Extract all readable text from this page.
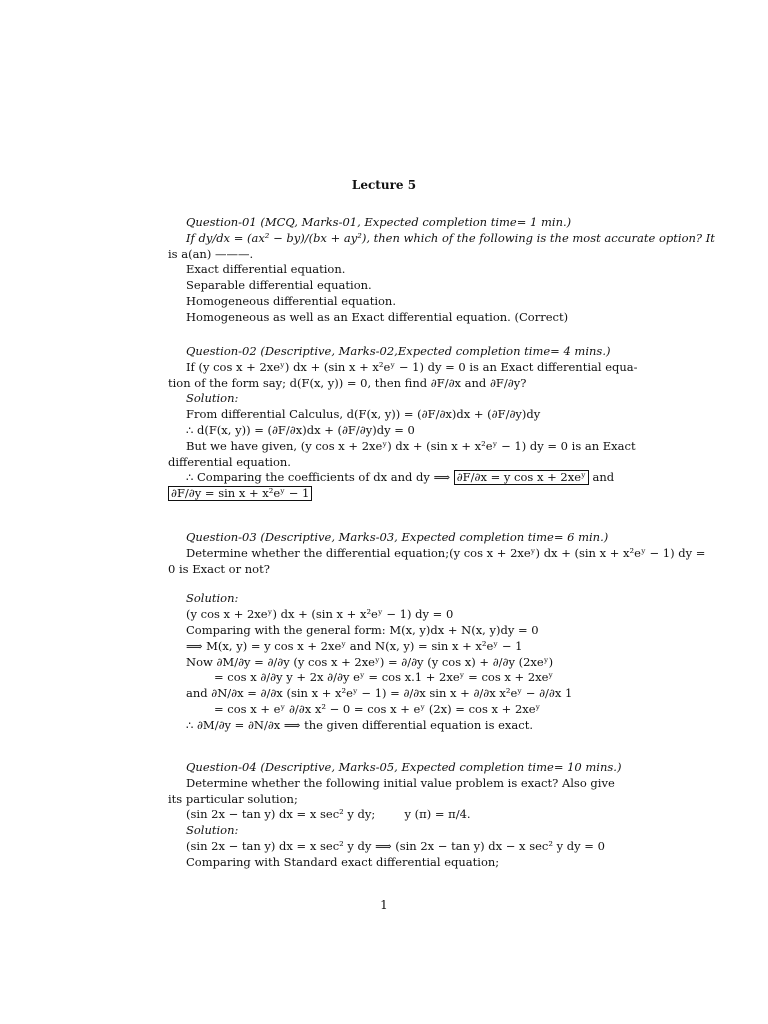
Lecture 5
Question-01 (MCQ, Marks-01, Expected completion time= 1 min.)
If dy/dx = (ax² − by)/(bx + ay²), then which of the following is the most accurate option? It
is a(an) ———.
Exact differential equation.
Separable differential equation.
Homogeneous differential equation.
Homogeneous as well as an Exact differential equation. (Correct)
Question-02 (Descriptive, Marks-02,Expected completion time= 4 mins.)
If (y cos x + 2xeʸ) dx + (sin x + x²eʸ − 1) dy = 0 is an Exact differential equa-
tion of the form say; d(F(x, y)) = 0, then find ∂F/∂x and ∂F/∂y?
Solution:
From differential Calculus, d(F(x, y)) = (∂F/∂x)dx + (∂F/∂y)dy
∴ d(F(x, y)) = (∂F/∂x)dx + (∂F/∂y)dy = 0
But we have given, (y cos x + 2xeʸ) dx + (sin x + x²eʸ − 1) dy = 0 is an Exact
differential equation.
∴ Comparing the coefficients of dx and dy ⟹ ∂F/∂x = y cos x + 2xeʸ and
∂F/∂y = sin x + x²eʸ − 1
Question-03 (Descriptive, Marks-03, Expected completion time= 6 min.)
Determine whether the differential equation;(y cos x + 2xeʸ) dx + (sin x + x²eʸ − 1) dy =
0 is Exact or not?
Solution:
(y cos x + 2xeʸ) dx + (sin x + x²eʸ − 1) dy = 0
Comparing with the general form: M(x, y)dx + N(x, y)dy = 0
⟹ M(x, y) = y cos x + 2xeʸ and N(x, y) = sin x + x²eʸ − 1
Now ∂M/∂y = ∂/∂y (y cos x + 2xeʸ) = ∂/∂y (y cos x) + ∂/∂y (2xeʸ)
= cos x ∂/∂y y + 2x ∂/∂y eʸ = cos x.1 + 2xeʸ = cos x + 2xeʸ
and ∂N/∂x = ∂/∂x (sin x + x²eʸ − 1) = ∂/∂x sin x + ∂/∂x x²eʸ − ∂/∂x 1
= cos x + eʸ ∂/∂x x² − 0 = cos x + eʸ (2x) = cos x + 2xeʸ
∴ ∂M/∂y = ∂N/∂x ⟹ the given differential equation is exact.
Question-04 (Descriptive, Marks-05, Expected completion time= 10 mins.)
Determine whether the following initial value problem is exact? Also give
its particular solution;
(sin 2x − tan y) dx = x sec² y dy;        y (π) = π/4.
Solution:
(sin 2x − tan y) dx = x sec² y dy ⟹ (sin 2x − tan y) dx − x sec² y dy = 0
Comparing with Standard exact differential equation;
1
